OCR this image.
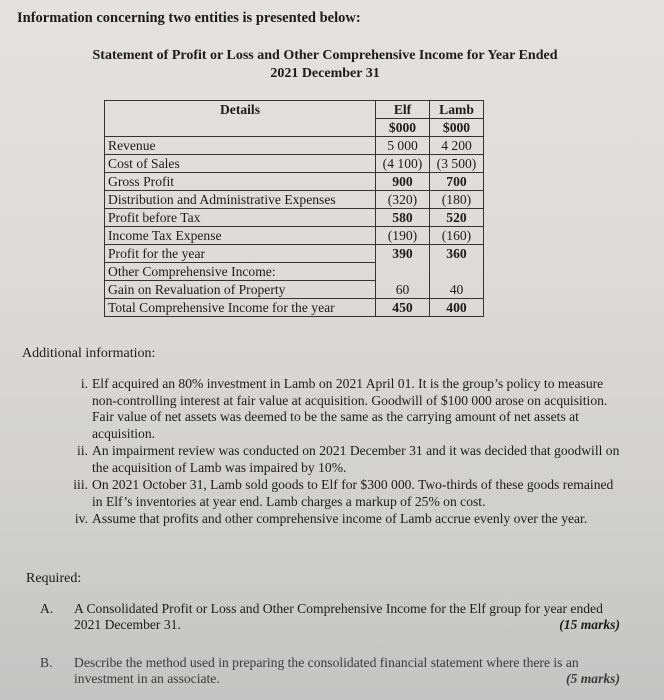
Information concerning two entities is presented below:
Statement of Profit or Loss and Other Comprehensive Income for Year Ended
2021 December 31
Details	Elf	Lamb
	$000	$000
Revenue	5 000	4 200
Cost of Sales	(4 100)	(3 500)
Gross Profit	900	700
Distribution and Administrative Expenses	(320)	(180)
Profit before Tax	580	520
Income Tax Expense	(190)	(160)
Profit for the year	390	360
Other Comprehensive Income:		
Gain on Revaluation of Property	60	40
Total Comprehensive Income for the year	450	400
Additional information:
i. Elf acquired an 80% investment in Lamb on 2021 April 01. It is the group’s policy to measure non-controlling interest at fair value at acquisition. Goodwill of $100 000 arose on acquisition. Fair value of net assets was deemed to be the same as the carrying amount of net assets at acquisition.
ii. An impairment review was conducted on 2021 December 31 and it was decided that goodwill on the acquisition of Lamb was impaired by 10%.
iii. On 2021 October 31, Lamb sold goods to Elf for $300 000. Two-thirds of these goods remained in Elf’s inventories at year end. Lamb charges a markup of 25% on cost.
iv. Assume that profits and other comprehensive income of Lamb accrue evenly over the year.
Required:
A. A Consolidated Profit or Loss and Other Comprehensive Income for the Elf group for year ended 2021 December 31.	(15 marks)
B. Describe the method used in preparing the consolidated financial statement where there is an investment in an associate.	(5 marks)
